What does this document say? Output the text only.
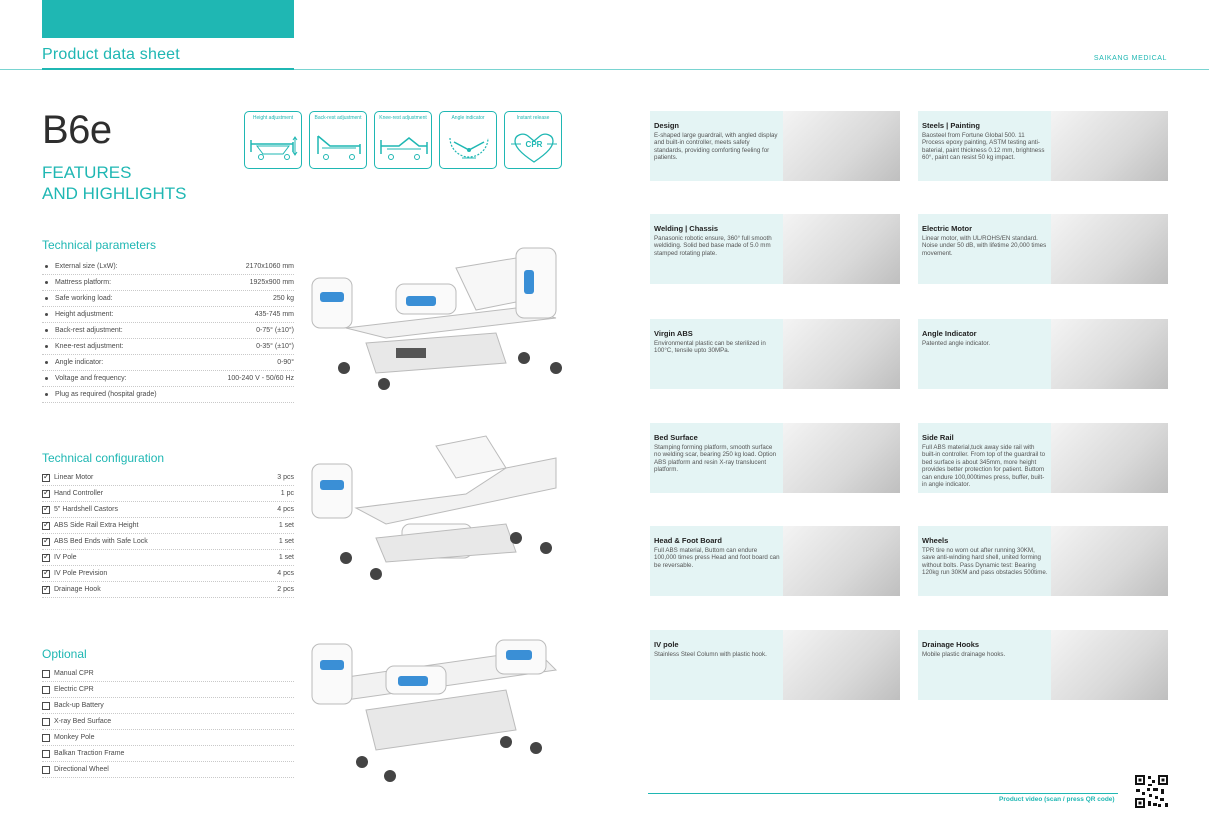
Product data sheet	SAIKANG MEDICAL
B6e
FEATURES
AND HIGHLIGHTS
Height adjustment	Back-rest adjustment	Knee-rest adjustment	Angle indicator	Instant release
CPR
Technical parameters
External size (LxW):	2170x1060 mm
Mattress platform:	1925x900 mm
Safe working load:	250 kg
Height adjustment:	435-745 mm
Back-rest adjustment:	0-75° (±10°)
Knee-rest adjustment:	0-35° (±10°)
Angle indicator:	0-90°
Voltage and frequency:	100-240 V - 50/60 Hz
Plug as required (hospital grade)
Technical configuration
✓
Linear Motor	3 pcs
✓
Hand Controller	1 pc
✓
5" Hardshell Castors	4 pcs
✓
ABS Side Rail Extra Height	1 set
✓
ABS Bed Ends with Safe Lock	1 set
✓
IV Pole	1 set
✓
IV Pole Prevision	4 pcs
✓
Drainage Hook	2 pcs
Optional
Manual CPR
Electric CPR
Back-up Battery
X-ray Bed Surface
Monkey Pole
Balkan Traction Frame
Directional Wheel
Design
E-shaped large guardrail, with angled display and built-in controller, meets safety standards, providing comforting feeling for patients.
Steels | Painting
Baosteel from Fortune Global 500. 11 Process epoxy painting, ASTM testing anti-baterial, paint thickness 0.12 mm, brightness 60°, paint can resist 50 kg impact.
Welding | Chassis
Panasonic robotic ensure, 360° full smooth weldiding. Solid bed base made of 5.0 mm stamped rotating plate.
Electric Motor
Linear motor, with UL/ROHS/EN standard. Noise under 50 dB, with lifetime 20,000 times movement.
Virgin ABS
Environmental plastic can be sterilized in 100°C, tensile upto 30MPa.
Angle Indicator
Patented angle indicator.
Bed Surface
Stamping forming platform, smooth surface no welding scar, bearing 250 kg load. Option ABS platform and resin X-ray translucent platform.
Side Rail
Full ABS material,tuck away side rail with built-in controller. From top of the guardrail to bed surface is about 345mm, more height provides better protection for patient. Buttom can endure 100,000times press, buffer, built-in angle indicator.
Head & Foot Board
Full ABS material, Buttom can endure 100,000 times press Head and foot board can be reversable.
Wheels
TPR tire no worn out after running 30KM, save anti-winding hard shell, united forming without bolts. Pass Dynamic test: Bearing 120kg run 30KM and pass obstacles 500time.
IV pole
Stainless Steel Column with plastic hook.
Drainage Hooks
Mobile plastic drainage hooks.
Product video (scan / press QR code)
